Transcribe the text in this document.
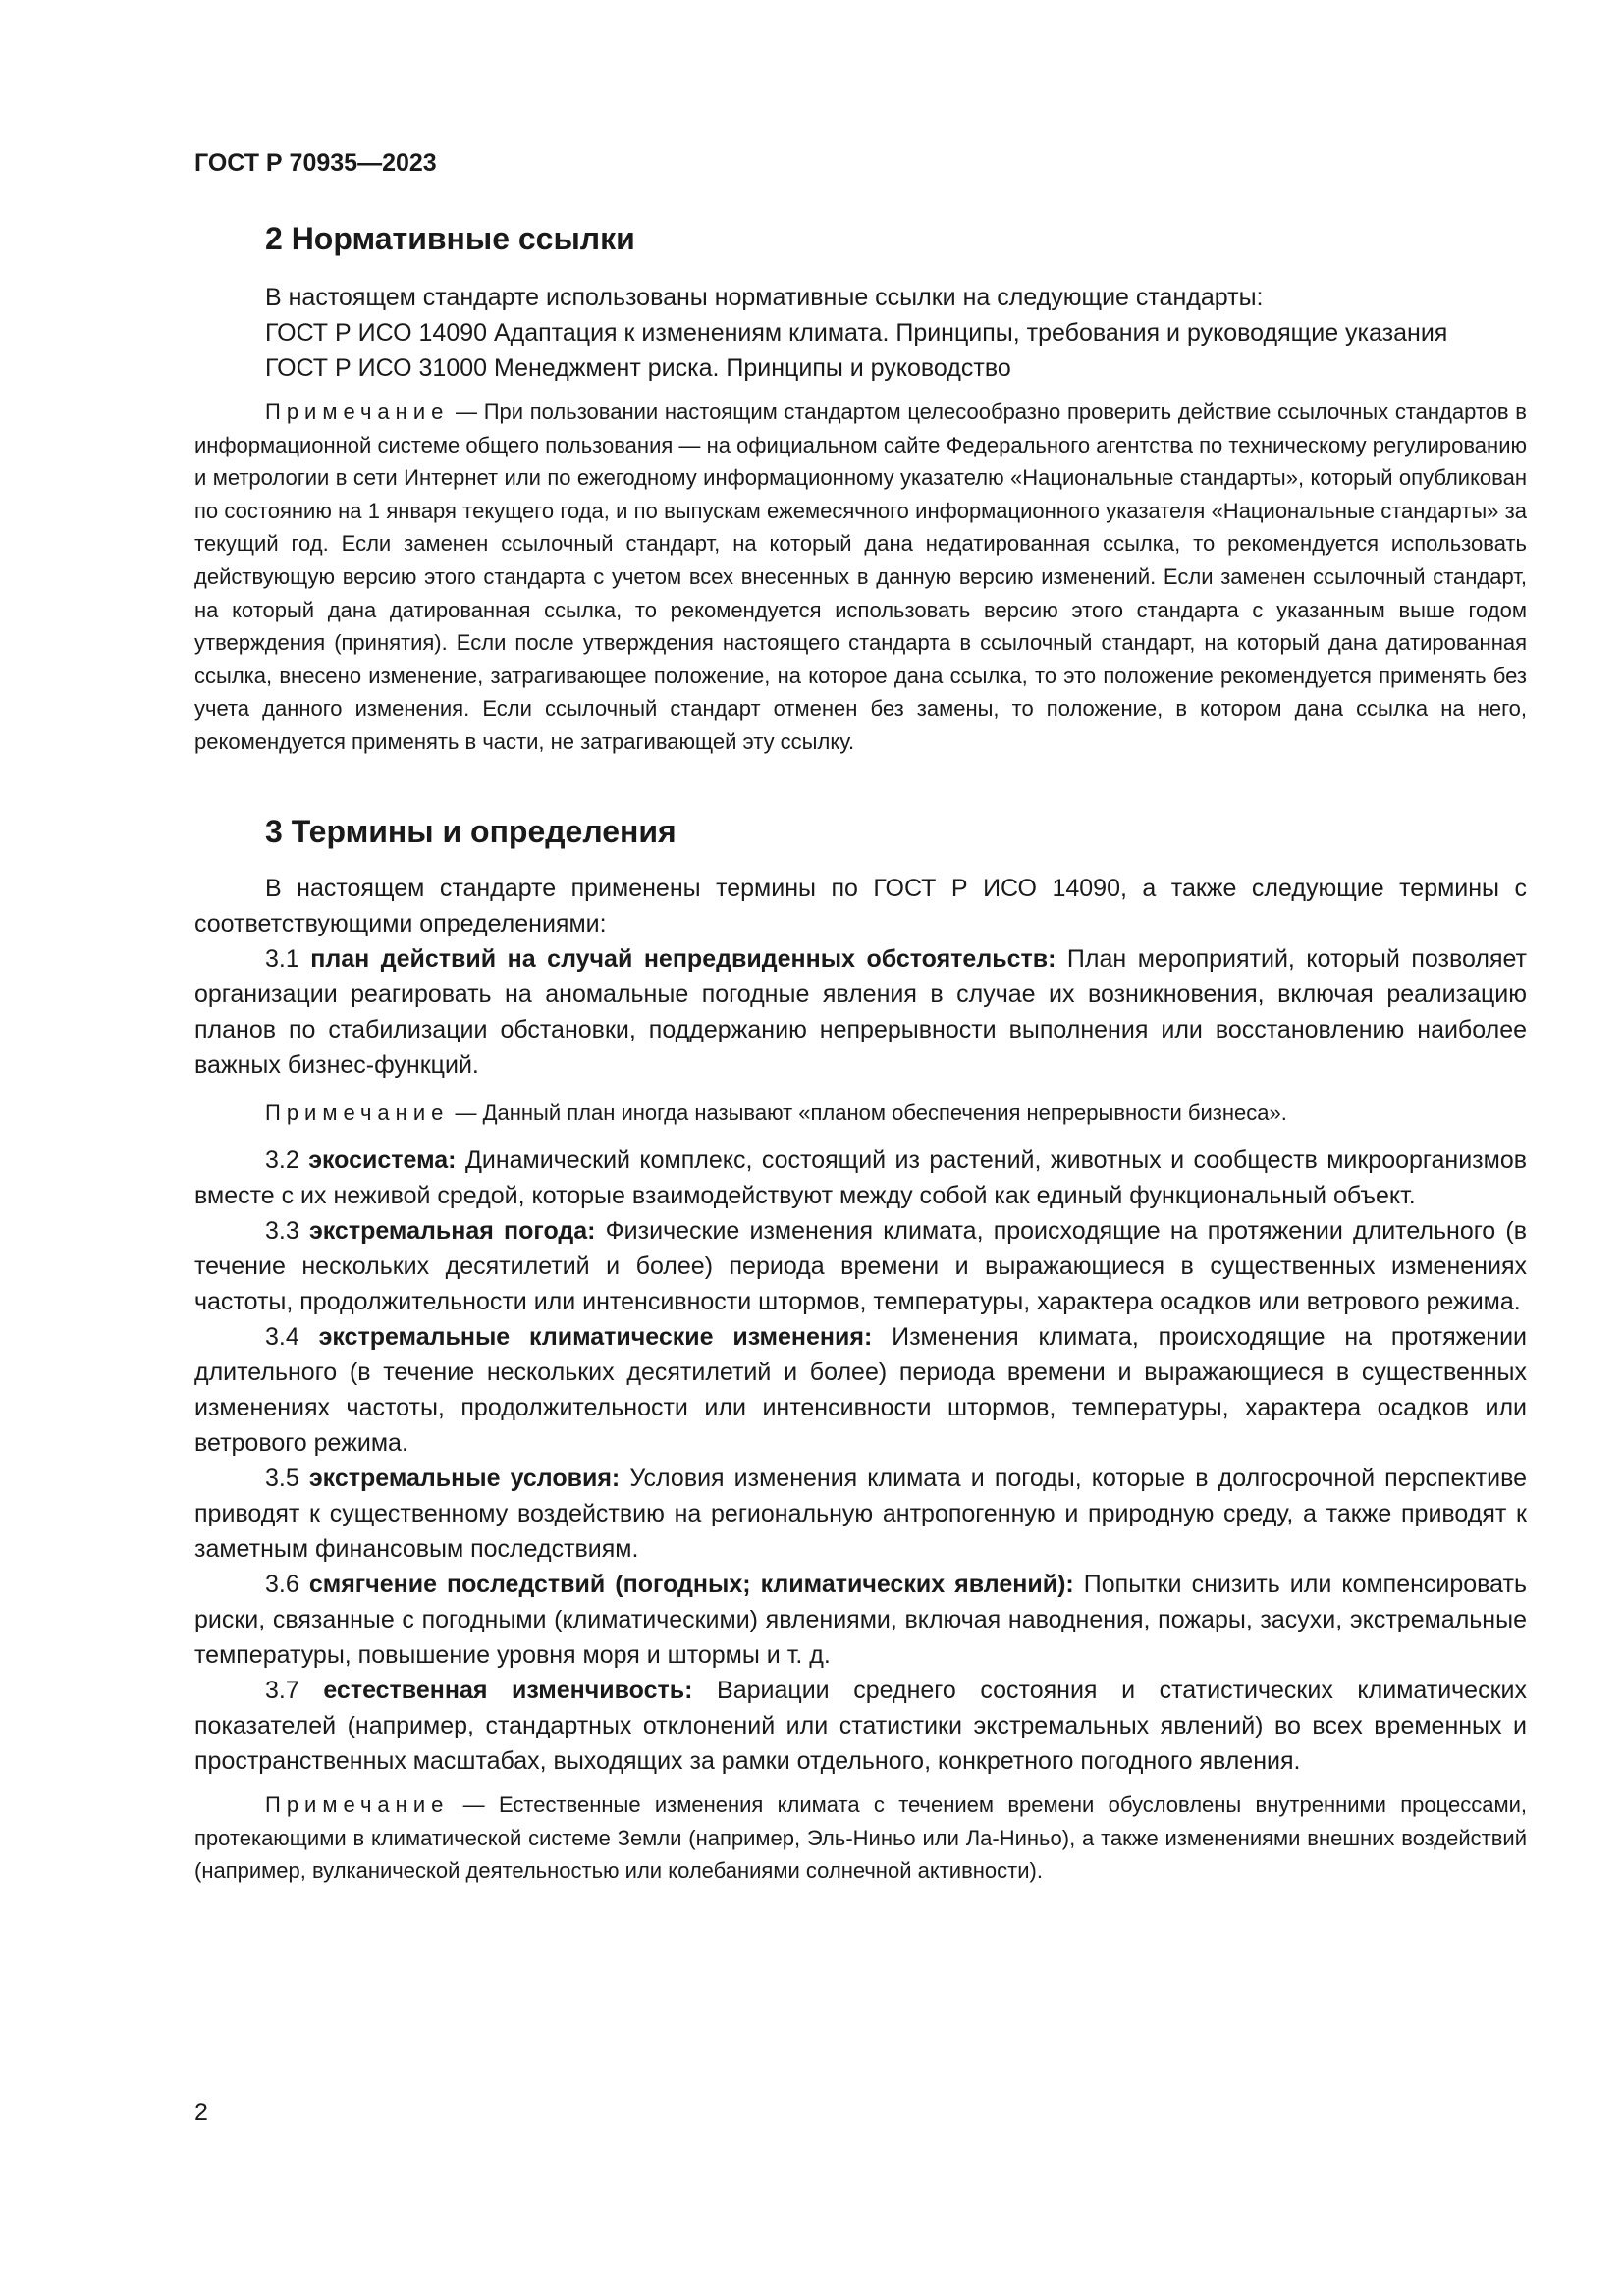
ГОСТ Р 70935—2023
2 Нормативные ссылки

В настоящем стандарте использованы нормативные ссылки на следующие стандарты:

ГОСТ Р ИСО 14090 Адаптация к изменениям климата. Принципы, требования и руководящие указания

ГОСТ Р ИСО 31000 Менеджмент риска. Принципы и руководство

Примечание — При пользовании настоящим стандартом целесообразно проверить действие ссылочных стандартов в информационной системе общего пользования — на официальном сайте Федерального агентства по техническому регулированию и метрологии в сети Интернет или по ежегодному информационному указателю «Национальные стандарты», который опубликован по состоянию на 1 января текущего года, и по выпускам ежемесячного информационного указателя «Национальные стандарты» за текущий год. Если заменен ссылочный стандарт, на который дана недатированная ссылка, то рекомендуется использовать действующую версию этого стандарта с учетом всех внесенных в данную версию изменений. Если заменен ссылочный стандарт, на который дана датированная ссылка, то рекомендуется использовать версию этого стандарта с указанным выше годом утверждения (принятия). Если после утверждения настоящего стандарта в ссылочный стандарт, на который дана датированная ссылка, внесено изменение, затрагивающее положение, на которое дана ссылка, то это положение рекомендуется применять без учета данного изменения. Если ссылочный стандарт отменен без замены, то положение, в котором дана ссылка на него, рекомендуется применять в части, не затрагивающей эту ссылку.

3 Термины и определения

В настоящем стандарте применены термины по ГОСТ Р ИСО 14090, а также следующие термины с соответствующими определениями:

3.1 план действий на случай непредвиденных обстоятельств: План мероприятий, который позволяет организации реагировать на аномальные погодные явления в случае их возникновения, включая реализацию планов по стабилизации обстановки, поддержанию непрерывности выполнения или восстановлению наиболее важных бизнес-функций.

Примечание — Данный план иногда называют «планом обеспечения непрерывности бизнеса».

3.2 экосистема: Динамический комплекс, состоящий из растений, животных и сообществ микроорганизмов вместе с их неживой средой, которые взаимодействуют между собой как единый функциональный объект.

3.3 экстремальная погода: Физические изменения климата, происходящие на протяжении длительного (в течение нескольких десятилетий и более) периода времени и выражающиеся в существенных изменениях частоты, продолжительности или интенсивности штормов, температуры, характера осадков или ветрового режима.

3.4 экстремальные климатические изменения: Изменения климата, происходящие на протяжении длительного (в течение нескольких десятилетий и более) периода времени и выражающиеся в существенных изменениях частоты, продолжительности или интенсивности штормов, температуры, характера осадков или ветрового режима.

3.5 экстремальные условия: Условия изменения климата и погоды, которые в долгосрочной перспективе приводят к существенному воздействию на региональную антропогенную и природную среду, а также приводят к заметным финансовым последствиям.

3.6 смягчение последствий (погодных; климатических явлений): Попытки снизить или компенсировать риски, связанные с погодными (климатическими) явлениями, включая наводнения, пожары, засухи, экстремальные температуры, повышение уровня моря и штормы и т. д.

3.7 естественная изменчивость: Вариации среднего состояния и статистических климатических показателей (например, стандартных отклонений или статистики экстремальных явлений) во всех временных и пространственных масштабах, выходящих за рамки отдельного, конкретного погодного явления.

Примечание — Естественные изменения климата с течением времени обусловлены внутренними процессами, протекающими в климатической системе Земли (например, Эль-Ниньо или Ла-Ниньо), а также изменениями внешних воздействий (например, вулканической деятельностью или колебаниями солнечной активности).

2
